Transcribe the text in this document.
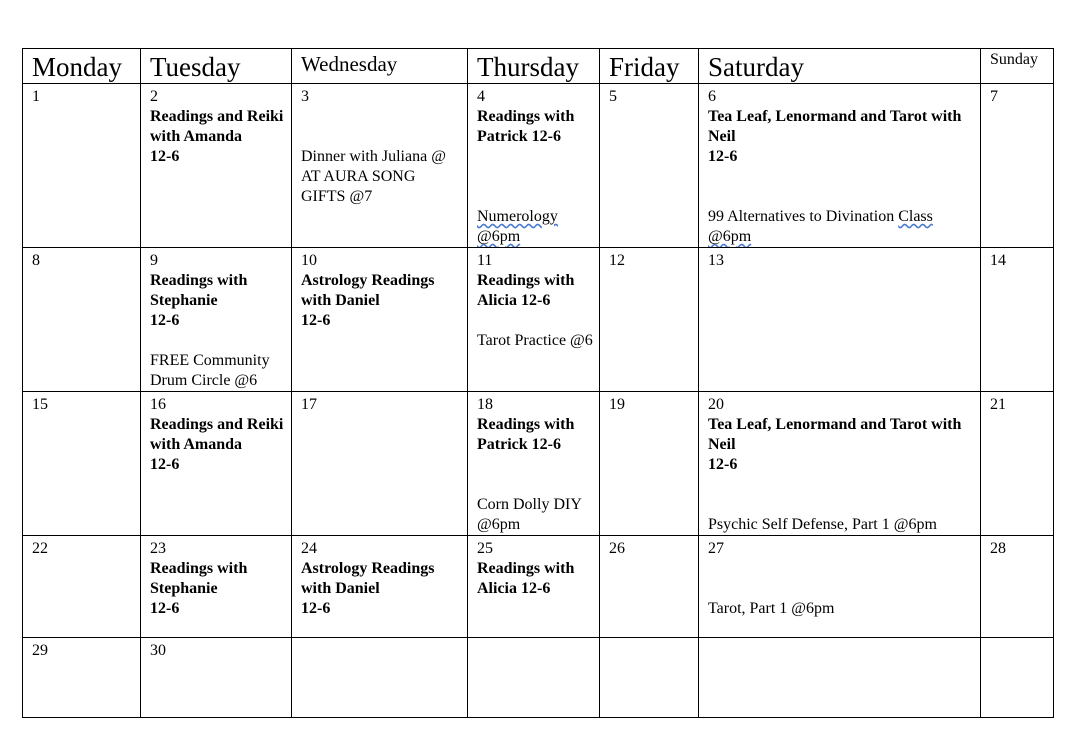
Monday	Tuesday	Wednesday	Thursday	Friday	Saturday	Sunday

1	2
Readings and Reiki with Amanda
12-6	3
Dinner with Juliana @ AT AURA SONG GIFTS @7	4
Readings with Patrick 12-6
Numerology
@6pm	5	6
Tea Leaf, Lenormand and Tarot with Neil
12-6
99 Alternatives to Divination Class
@6pm	7

8	9
Readings with Stephanie
12-6
FREE Community Drum Circle @6	10
Astrology Readings with Daniel
12-6	11
Readings with Alicia 12-6
Tarot Practice @6	12	13	14

15	16
Readings and Reiki with Amanda
12-6	17	18
Readings with Patrick 12-6
Corn Dolly DIY @6pm	19	20
Tea Leaf, Lenormand and Tarot with Neil
12-6
Psychic Self Defense, Part 1 @6pm	21

22	23
Readings with Stephanie
12-6	24
Astrology Readings with Daniel
12-6	25
Readings with Alicia 12-6	26	27
Tarot, Part 1 @6pm	28

29	30					
